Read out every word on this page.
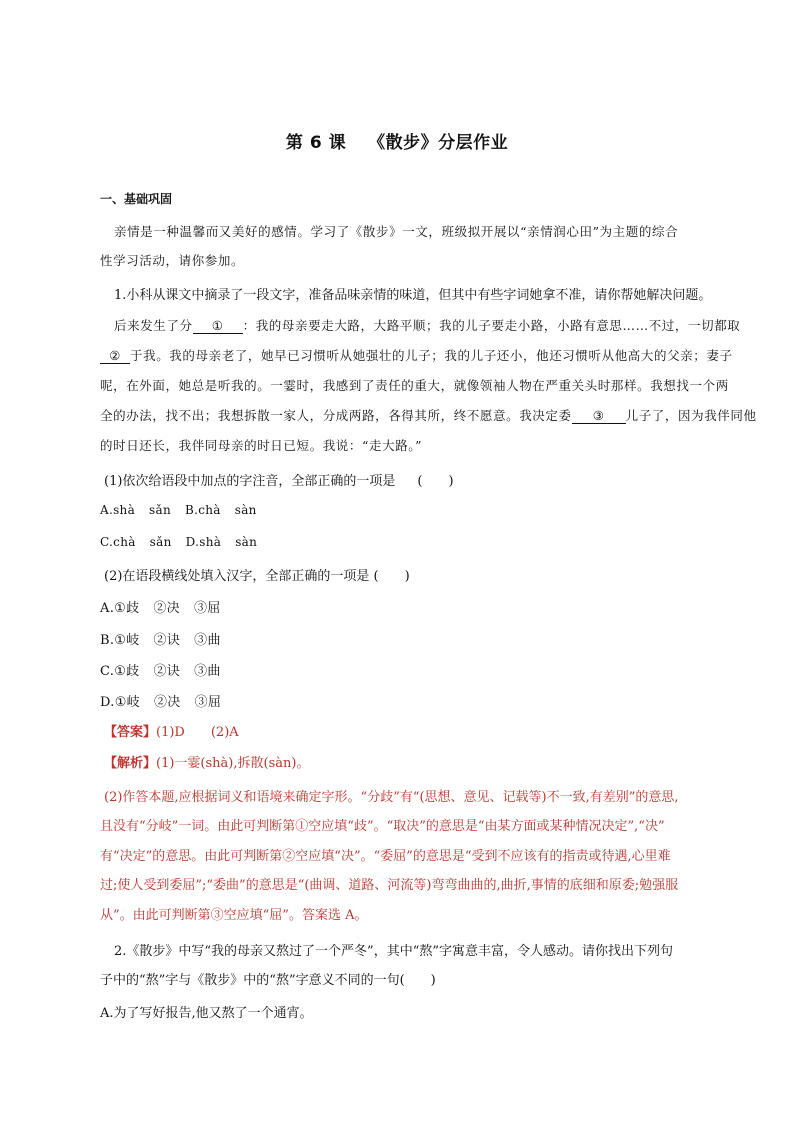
第 6 课 《散步》分层作业
一、基础巩固
亲情是一种温馨而又美好的感情。学习了《散步》一文，班级拟开展以“亲情润心田”为主题的综合
性学习活动，请你参加。
1.小科从课文中摘录了一段文字，准备品味亲情的味道，但其中有些字词她拿不准，请你帮她解决问题。
后来发生了分 ① ：我的母亲要走大路，大路平顺；我的儿子要走小路，小路有意思……不过，一切都取
② 于我。我的母亲老了，她早已习惯听从她强壮的儿子；我的儿子还小，他还习惯听从他高大的父亲；妻子
呢，在外面，她总是听我的。一霎时，我感到了责任的重大，就像领袖人物在严重关头时那样。我想找一个两
全的办法，找不出；我想拆散一家人，分成两路，各得其所，终不愿意。我决定委 ③ 儿子了，因为我伴同他
的时日还长，我伴同母亲的时日已短。我说：“走大路。”
(1)依次给语段中加点的字注音，全部正确的一项是 (　　)
A.shà sǎn B.chà sàn
C.chà sǎn D.shà sàn
(2)在语段横线处填入汉字，全部正确的一项是 (　　)
A.①歧 ②决 ③屈
B.①岐 ②诀 ③曲
C.①歧 ②诀 ③曲
D.①岐 ②决 ③屈
【答案】(1)D　　(2)A
【解析】(1)一霎(shà),拆散(sàn)。
(2)作答本题,应根据词义和语境来确定字形。“分歧”有“(思想、意见、记载等)不一致,有差别”的意思,
且没有“分岐”一词。由此可判断第①空应填“歧”。“取决”的意思是“由某方面或某种情况决定”,“决”
有“决定”的意思。由此可判断第②空应填“决”。“委屈”的意思是“受到不应该有的指责或待遇,心里难
过;使人受到委屈”;“委曲”的意思是“(曲调、道路、河流等)弯弯曲曲的,曲折,事情的底细和原委;勉强服
从”。由此可判断第③空应填“屈”。答案选 A。
2.《散步》中写“我的母亲又熬过了一个严冬”，其中“熬”字寓意丰富，令人感动。请你找出下列句
子中的“熬”字与《散步》中的“熬”字意义不同的一句(　　)
A.为了写好报告,他又熬了一个通宵。
